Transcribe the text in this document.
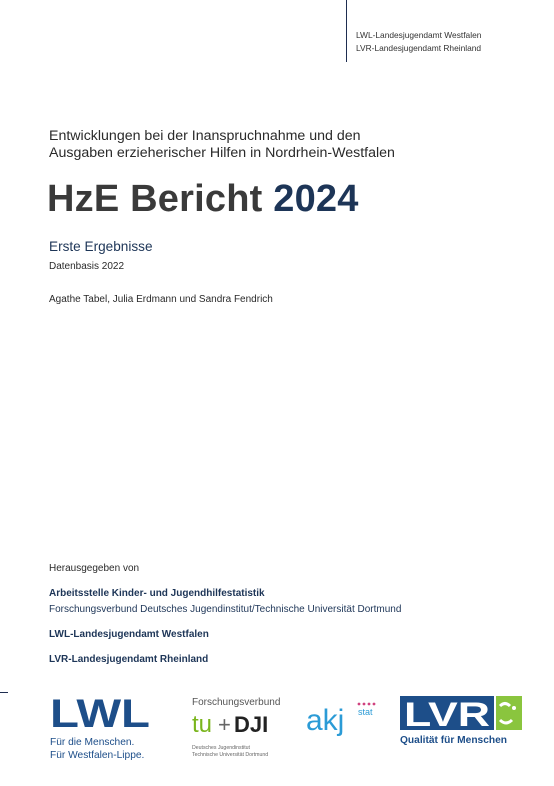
LWL-Landesjugendamt Westfalen
LVR-Landesjugendamt Rheinland
Entwicklungen bei der Inanspruchnahme und den
Ausgaben erzieherischer Hilfen in Nordrhein-Westfalen
HzE Bericht 2024
Erste Ergebnisse
Datenbasis 2022
Agathe Tabel, Julia Erdmann und Sandra Fendrich
Herausgegeben von
Arbeitsstelle Kinder- und Jugendhilfestatistik
Forschungsverbund Deutsches Jugendinstitut/Technische Universität Dortmund
LWL-Landesjugendamt Westfalen
LVR-Landesjugendamt Rheinland
LWL
Für die Menschen.
Für Westfalen-Lippe.
Forschungsverbund
tu + DJI
Deutsches Jugendinstitut
Technische Universität Dortmund
akj stat LVR
Qualität für Menschen
